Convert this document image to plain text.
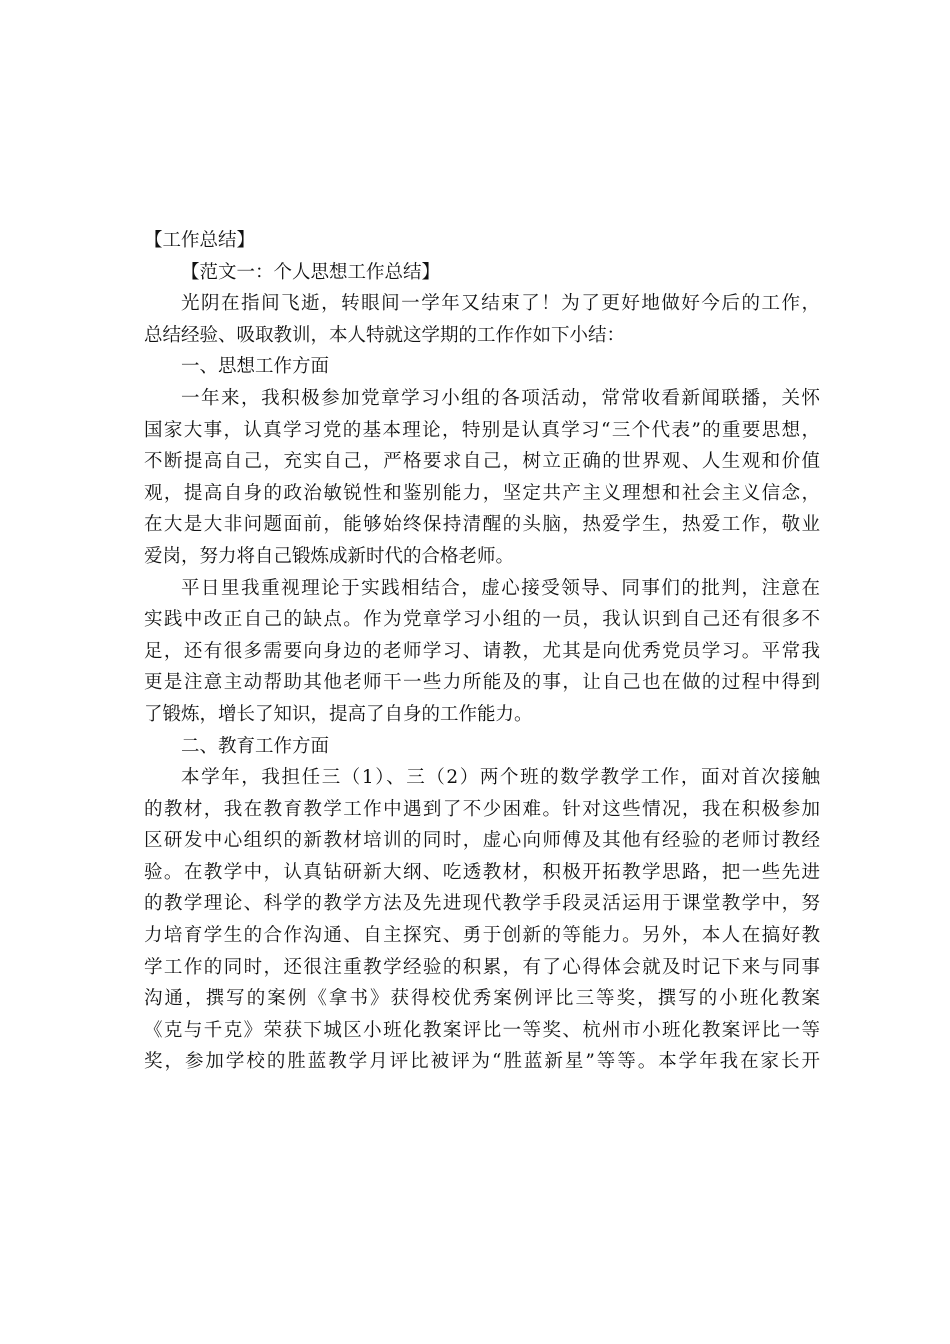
【工作总结】
【范文一：个人思想工作总结】
光阴在指间飞逝，转眼间一学年又结束了！为了更好地做好今后的工作，
总结经验、吸取教训，本人特就这学期的工作作如下小结：
一、思想工作方面
一年来，我积极参加党章学习小组的各项活动，常常收看新闻联播，关怀
国家大事，认真学习党的基本理论，特别是认真学习“三个代表”的重要思想，
不断提高自己，充实自己，严格要求自己，树立正确的世界观、人生观和价值
观，提高自身的政治敏锐性和鉴别能力，坚定共产主义理想和社会主义信念，
在大是大非问题面前，能够始终保持清醒的头脑，热爱学生，热爱工作，敬业
爱岗，努力将自己锻炼成新时代的合格老师。
平日里我重视理论于实践相结合，虚心接受领导、同事们的批判，注意在
实践中改正自己的缺点。作为党章学习小组的一员，我认识到自己还有很多不
足，还有很多需要向身边的老师学习、请教，尤其是向优秀党员学习。平常我
更是注意主动帮助其他老师干一些力所能及的事，让自己也在做的过程中得到
了锻炼，增长了知识，提高了自身的工作能力。
二、教育工作方面
本学年，我担任三（1）、三（2）两个班的数学教学工作，面对首次接触
的教材，我在教育教学工作中遇到了不少困难。针对这些情况，我在积极参加
区研发中心组织的新教材培训的同时，虚心向师傅及其他有经验的老师讨教经
验。在教学中，认真钻研新大纲、吃透教材，积极开拓教学思路，把一些先进
的教学理论、科学的教学方法及先进现代教学手段灵活运用于课堂教学中，努
力培育学生的合作沟通、自主探究、勇于创新的等能力。另外，本人在搞好教
学工作的同时，还很注重教学经验的积累，有了心得体会就及时记下来与同事
沟通，撰写的案例《拿书》获得校优秀案例评比三等奖，撰写的小班化教案
《克与千克》荣获下城区小班化教案评比一等奖、杭州市小班化教案评比一等
奖，参加学校的胜蓝教学月评比被评为“胜蓝新星”等等。本学年我在家长开
